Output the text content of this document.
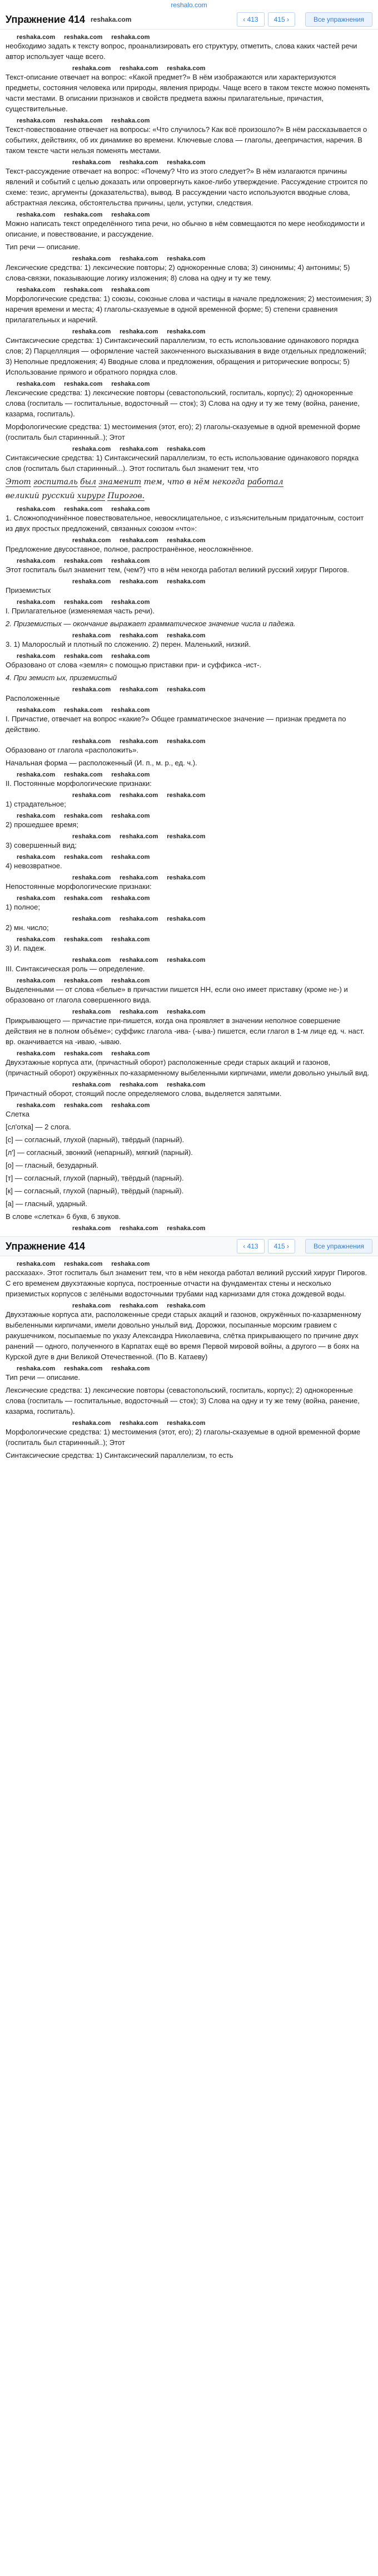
reshalo.com
Упражнение 414 reshaka.com	‹ 413	415 ›	Все упражнения
reshaka.com reshaka.com reshaka.com

необходимо задать к тексту вопрос, проанализировать его структуру, отметить, слова каких частей речи автор использует чаще всего.

reshaka.com reshaka.com reshaka.com

Текст-описание отвечает на вопрос: «Какой предмет?» В нём изображаются или характеризуются предметы, состояния человека или природы, явления природы. Чаще всего в таком тексте можно поменять части местами. В описании признаков и свойств предмета важны прилагательные, причастия, существительные.

reshaka.com reshaka.com reshaka.com

Текст-повествование отвечает на вопросы: «Что случилось? Как всё произошло?» В нём рассказывается о событиях, действиях, об их динамике во времени. Ключевые слова — глаголы, деепричастия, наречия. В таком тексте части нельзя поменять местами.

reshaka.com reshaka.com reshaka.com

Текст-рассуждение отвечает на вопрос: «Почему? Что из этого следует?» В нём излагаются причины явлений и событий с целью доказать или опровергнуть какое-либо утверждение. Рассуждение строится по схеме: тезис, аргументы (доказательства), вывод. В рассуждении часто используются вводные слова, абстрактная лексика, обстоятельства причины, цели, уступки, следствия.

reshaka.com reshaka.com reshaka.com

Можно написать текст определённого типа речи, но обычно в нём совмещаются по мере необходимости и описание, и повествование, и рассуждение.

Тип речи — описание.

reshaka.com reshaka.com reshaka.com

Лексические средства: 1) лексические повторы; 2) однокоренные слова; 3) синонимы; 4) антонимы; 5) слова-связки, показывающие логику изложения; 8) слова на одну и ту же тему.

reshaka.com reshaka.com reshaka.com

Морфологические средства: 1) союзы, союзные слова и частицы в начале предложения; 2) местоимения; 3) наречия времени и места; 4) глаголы-сказуемые в одной временной форме; 5) степени сравнения прилагательных и наречий.

reshaka.com reshaka.com reshaka.com

Синтаксические средства: 1) Синтаксический параллелизм, то есть использование одинакового порядка слов; 2) Парцелляция — оформление частей законченного высказывания в виде отдельных предложений; 3) Неполные предложения; 4) Вводные слова и предложения, обращения и риторические вопросы; 5) Использование прямого и обратного порядка слов.

reshaka.com reshaka.com reshaka.com

Лексические средства: 1) лексические повторы (севастопольский, госпиталь, корпус); 2) однокоренные слова (госпиталь — госпитальные, водосточный — сток); 3) Слова на одну и ту же тему (война, ранение, казарма, госпиталь).

Морфологические средства: 1) местоимения (этот, его); 2) глаголы-сказуемые в одной временной форме (госпиталь был стариннный..); Этот

reshaka.com reshaka.com reshaka.com

Синтаксические средства: 1) Синтаксический параллелизм, то есть использование одинакового порядка слов (госпиталь был стариннный...). Этот госпиталь был знаменит тем, что

Этот госпиталь был знаменит тем, что в нём некогда работал
великий русский хирург Пирогов.
reshaka.com reshaka.com reshaka.com

1. Сложноподчинённое повествовательное, невосклицательное, с изъяснительным придаточным, состоит из двух простых предложений, связанных союзом «что»:

reshaka.com reshaka.com reshaka.com

Предложение двусоставное, полное, распространённое, неосложнённое.

reshaka.com reshaka.com reshaka.com

Этот госпиталь был знаменит тем, (чем?) что в нём некогда работал великий русский хирург Пирогов.

reshaka.com reshaka.com reshaka.com

Приземистых

reshaka.com reshaka.com reshaka.com

I. Прилагательное (изменяемая часть речи).

2. Приземистых — окончание выражает грамматическое значение числа и падежа.

reshaka.com reshaka.com reshaka.com

3. 1) Малорослый и плотный по сложению. 2) перен. Маленький, низкий.

reshaka.com reshaka.com reshaka.com

Образовано от слова «земля» с помощью приставки при- и суффикса -ист-.

4. При земист ых, приземистый

reshaka.com reshaka.com reshaka.com

Расположенные

reshaka.com reshaka.com reshaka.com

I. Причастие, отвечает на вопрос «какие?» Общее грамматическое значение — признак предмета по действию.

reshaka.com reshaka.com reshaka.com

Образовано от глагола «расположить».

Начальная форма — расположенный (И. п., м. р., ед. ч.).

reshaka.com reshaka.com reshaka.com

II. Постоянные морфологические признаки:

reshaka.com reshaka.com reshaka.com

1) страдательное;

reshaka.com reshaka.com reshaka.com

2) прошедшее время;

reshaka.com reshaka.com reshaka.com

3) совершенный вид;

reshaka.com reshaka.com reshaka.com

4) невозвратное.

reshaka.com reshaka.com reshaka.com

Непостоянные морфологические признаки:

reshaka.com reshaka.com reshaka.com

1) полное;

reshaka.com reshaka.com reshaka.com

2) мн. число;

reshaka.com reshaka.com reshaka.com

3) И. падеж.

reshaka.com reshaka.com reshaka.com

III. Синтаксическая роль — определение.

reshaka.com reshaka.com reshaka.com

Выделенными — от слова «белые» в причастии пишется НН, если оно имеет приставку (кроме не-) и образовано от глагола совершенного вида.

reshaka.com reshaka.com reshaka.com

Прикрывающего — причастие при-пишется, когда она проявляет в значении неполное совершение действия не в полном объёме»; суффикс глагола -ива- (-ыва-) пишется, если глагол в 1-м лице ед. ч. наст. вр. оканчивается на -иваю, -ываю.

reshaka.com reshaka.com reshaka.com

Двухэтажные корпуса ати, (причастный оборот) расположенные среди старых акаций и газонов, (причастный оборот) окружённых по-казарменному выбеленными кирпичами, имели довольно унылый вид.

reshaka.com reshaka.com reshaka.com

Причастный оборот, стоящий после определяемого слова, выделяется запятыми.

reshaka.com reshaka.com reshaka.com

Слетка

[сл'отка] — 2 слога.

[с] — согласный, глухой (парный), твёрдый (парный).

[л'] — согласный, звонкий (непарный), мягкий (парный).

[о] — гласный, безударный.

[т] — согласный, глухой (парный), твёрдый (парный).

[к] — согласный, глухой (парный), твёрдый (парный).

[а] — гласный, ударный.

В слове «слетка» 6 букв, 6 звуков.

reshaka.com reshaka.com reshaka.com
Упражнение 414	‹ 413	415 ›	Все упражнения
reshaka.com reshaka.com reshaka.com

рассказах». Этот госпиталь был знаменит тем, что в нём некогда работал великий русский хирург Пирогов. С его временем двухэтажные корпуса, построенные отчасти на фундаментах стены и несколько приземистых корпусов с зелёными водосточными трубами над карнизами для стока дождевой воды.

reshaka.com reshaka.com reshaka.com

Двухэтажные корпуса ати, расположенные среди старых акаций и газонов, окружённых по-казарменному выбеленными кирпичами, имели довольно унылый вид. Дорожки, посыпанные морским гравием с ракушечником, посыпаемые по указу Александра Николаевича, слётка прикрывающего по причине двух ранений — одного, полученного в Карпатах ещё во время Первой мировой войны, а другого — в боях на Курской дуге в дни Великой Отечественной. (По В. Катаеву)

reshaka.com reshaka.com reshaka.com

Тип речи — описание.

Лексические средства: 1) лексические повторы (севастопольский, госпиталь, корпус); 2) однокоренные слова (госпиталь — госпитальные, водосточный — сток); 3) Слова на одну и ту же тему (война, ранение, казарма, госпиталь).

reshaka.com reshaka.com reshaka.com

Морфологические средства: 1) местоимения (этот, его); 2) глаголы-сказуемые в одной временной форме (госпиталь был стариннный..); Этот

Синтаксические средства: 1) Синтаксический параллелизм, то есть
